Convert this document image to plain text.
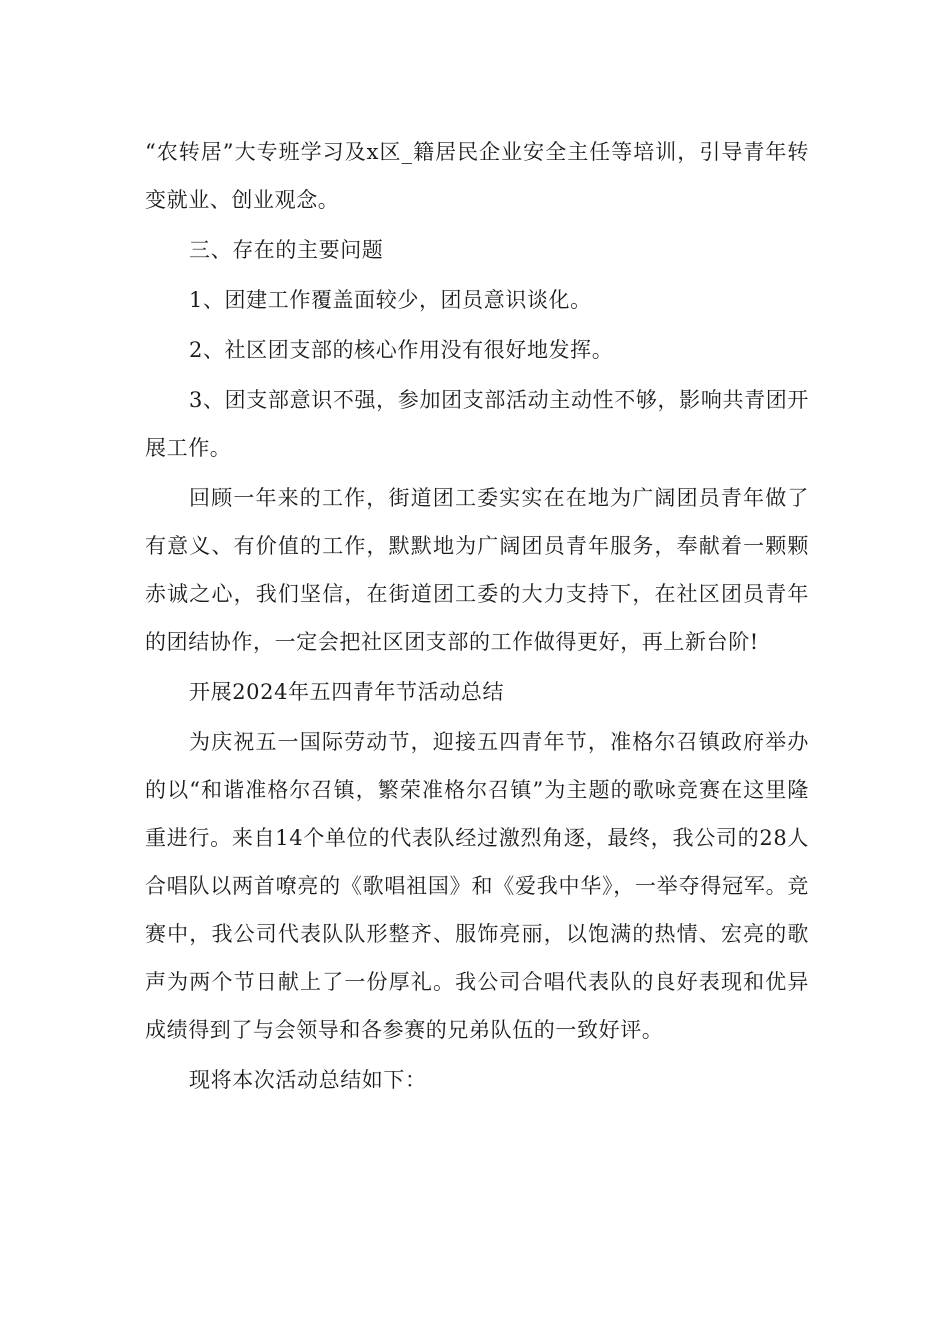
“农转居”大专班学习及x区_籍居民企业安全主任等培训，引导青年转变就业、创业观念。

三、存在的主要问题

1、团建工作覆盖面较少，团员意识谈化。

2、社区团支部的核心作用没有很好地发挥。

3、团支部意识不强，参加团支部活动主动性不够，影响共青团开展工作。

回顾一年来的工作，街道团工委实实在在地为广阔团员青年做了有意义、有价值的工作，默默地为广阔团员青年服务，奉献着一颗颗赤诚之心，我们坚信，在街道团工委的大力支持下，在社区团员青年的团结协作，一定会把社区团支部的工作做得更好，再上新台阶!

开展2024年五四青年节活动总结

为庆祝五一国际劳动节，迎接五四青年节，准格尔召镇政府举办的以“和谐准格尔召镇，繁荣准格尔召镇”为主题的歌咏竞赛在这里隆重进行。来自14个单位的代表队经过激烈角逐，最终，我公司的28人合唱队以两首嘹亮的《歌唱祖国》和《爱我中华》，一举夺得冠军。竞赛中，我公司代表队队形整齐、服饰亮丽，以饱满的热情、宏亮的歌声为两个节日献上了一份厚礼。我公司合唱代表队的良好表现和优异成绩得到了与会领导和各参赛的兄弟队伍的一致好评。

现将本次活动总结如下：
